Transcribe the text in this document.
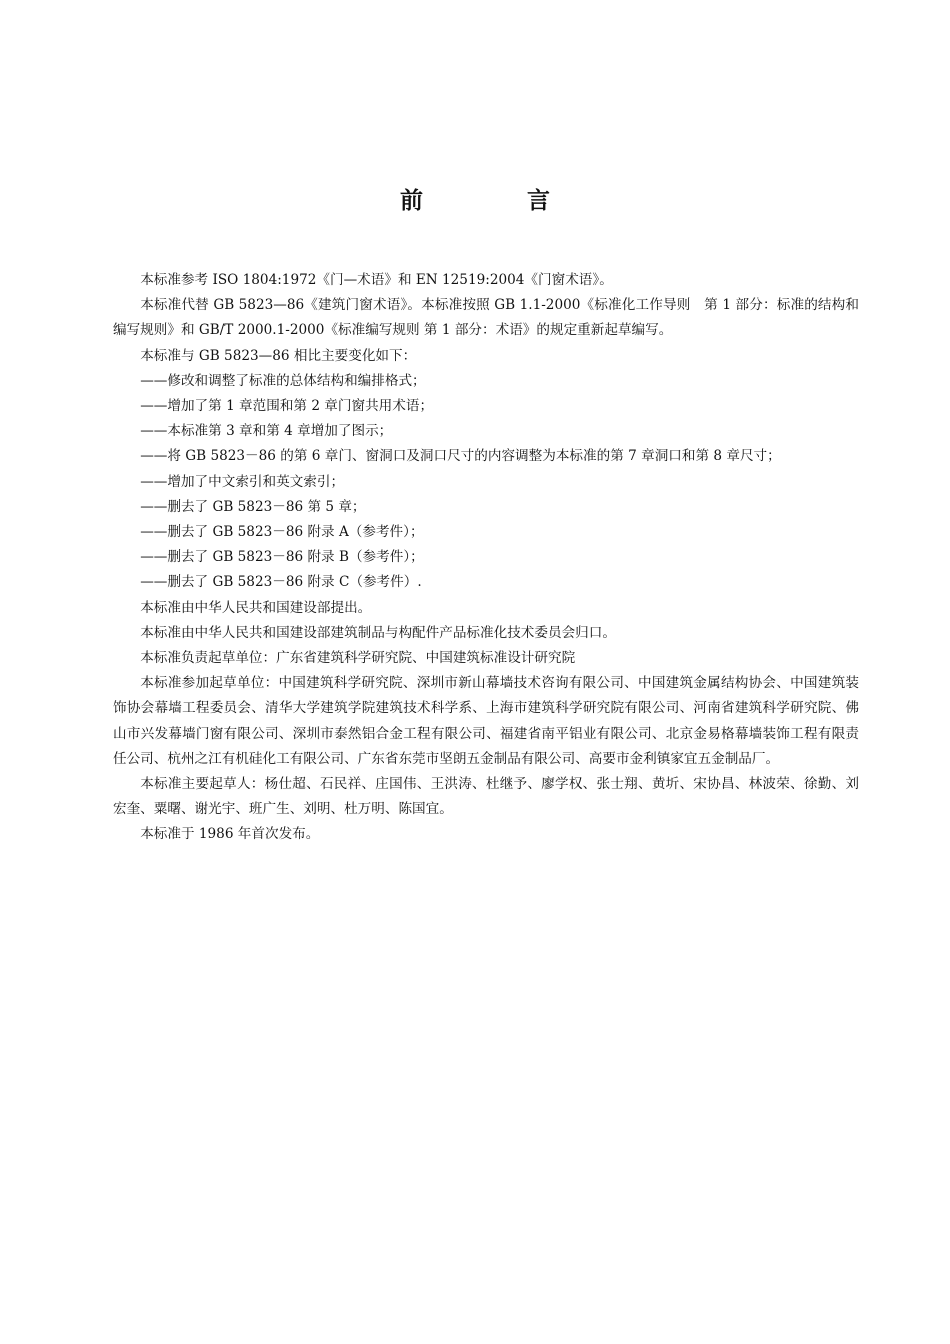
前 言

本标准参考 ISO 1804:1972《门—术语》和 EN 12519:2004《门窗术语》。

本标准代替 GB 5823—86《建筑门窗术语》。本标准按照 GB 1.1-2000《标准化工作导则　第 1 部分：标准的结构和编写规则》和 GB/T 2000.1-2000《标准编写规则 第 1 部分：术语》的规定重新起草编写。

本标准与 GB 5823—86 相比主要变化如下：

——修改和调整了标准的总体结构和编排格式；

——增加了第 1 章范围和第 2 章门窗共用术语；

——本标准第 3 章和第 4 章增加了图示；

——将 GB 5823－86 的第 6 章门、窗洞口及洞口尺寸的内容调整为本标准的第 7 章洞口和第 8 章尺寸；

——增加了中文索引和英文索引；

——删去了 GB 5823－86 第 5 章；

——删去了 GB 5823－86 附录 A（参考件）；

——删去了 GB 5823－86 附录 B（参考件）；

——删去了 GB 5823－86 附录 C（参考件）.

本标准由中华人民共和国建设部提出。

本标准由中华人民共和国建设部建筑制品与构配件产品标准化技术委员会归口。

本标准负责起草单位：广东省建筑科学研究院、中国建筑标准设计研究院

本标准参加起草单位：中国建筑科学研究院、深圳市新山幕墙技术咨询有限公司、中国建筑金属结构协会、中国建筑装饰协会幕墙工程委员会、清华大学建筑学院建筑技术科学系、上海市建筑科学研究院有限公司、河南省建筑科学研究院、佛山市兴发幕墙门窗有限公司、深圳市泰然铝合金工程有限公司、福建省南平铝业有限公司、北京金易格幕墙装饰工程有限责任公司、杭州之江有机硅化工有限公司、广东省东莞市坚朗五金制品有限公司、高要市金利镇家宜五金制品厂。

本标准主要起草人：杨仕超、石民祥、庄国伟、王洪涛、杜继予、廖学权、张士翔、黄圻、宋协昌、林波荣、徐勤、刘宏奎、粟曙、谢光宇、班广生、刘明、杜万明、陈国宜。

本标准于 1986 年首次发布。
